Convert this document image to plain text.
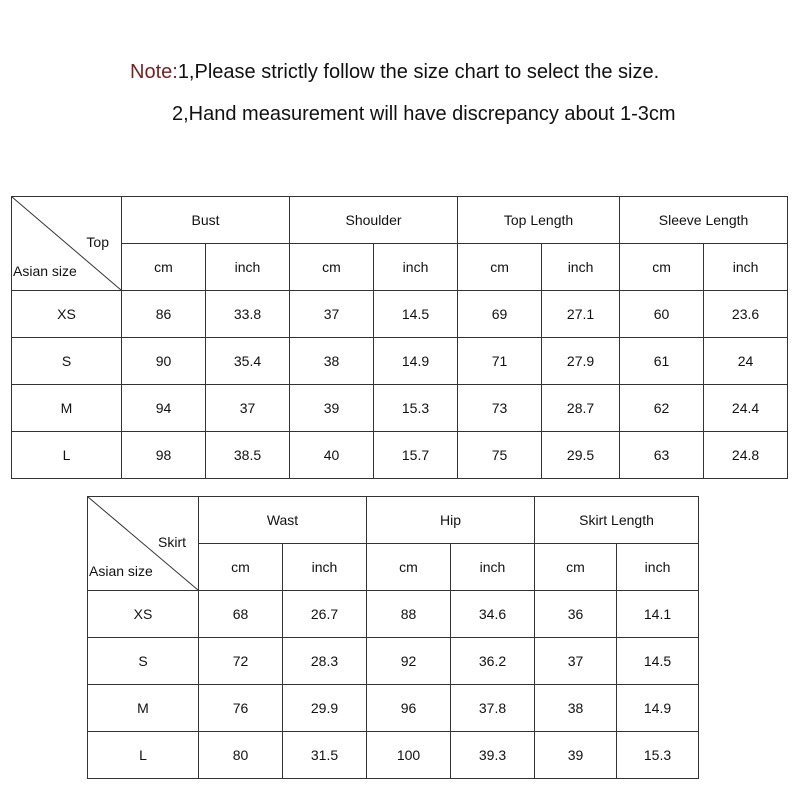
Note:1,Please strictly follow the size chart to select the size.
2,Hand measurement will have discrepancy about 1-3cm
Top
Asian size	Bust		Shoulder		Top Length		Sleeve Length	
	cm	inch	cm	inch	cm	inch	cm	inch
XS	86	33.8	37	14.5	69	27.1	60	23.6
S	90	35.4	38	14.9	71	27.9	61	24
M	94	37	39	15.3	73	28.7	62	24.4
L	98	38.5	40	15.7	75	29.5	63	24.8
Skirt
Asian size	Wast		Hip		Skirt Length	
	cm	inch	cm	inch	cm	inch
XS	68	26.7	88	34.6	36	14.1
S	72	28.3	92	36.2	37	14.5
M	76	29.9	96	37.8	38	14.9
L	80	31.5	100	39.3	39	15.3
